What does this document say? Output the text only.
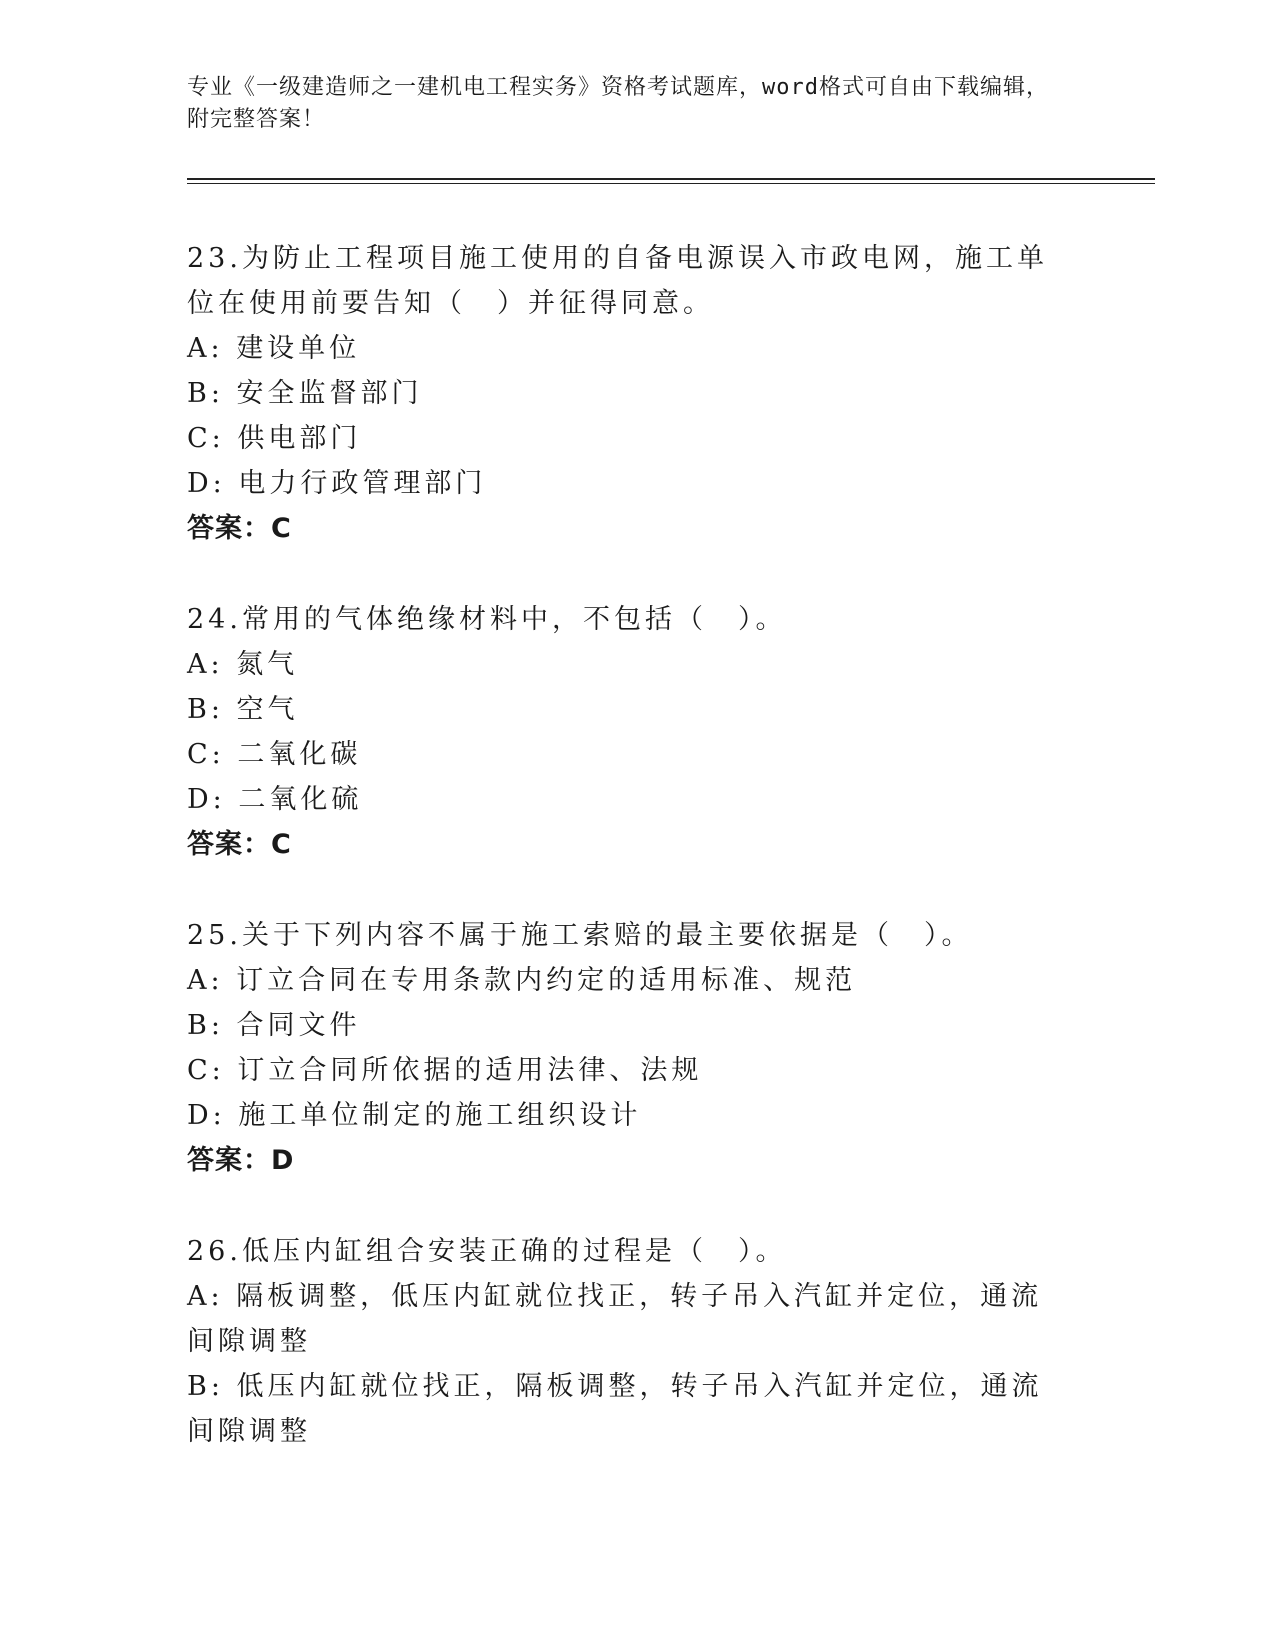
专业《一级建造师之一建机电工程实务》资格考试题库，word格式可自由下载编辑，附完整答案！
23.为防止工程项目施工使用的自备电源误入市政电网，施工单位在使用前要告知（　）并征得同意。
A: 建设单位
B: 安全监督部门
C: 供电部门
D: 电力行政管理部门
答案：C
24.常用的气体绝缘材料中，不包括（　）。
A: 氮气
B: 空气
C: 二氧化碳
D: 二氧化硫
答案：C
25.关于下列内容不属于施工索赔的最主要依据是（　）。
A: 订立合同在专用条款内约定的适用标准、规范
B: 合同文件
C: 订立合同所依据的适用法律、法规
D: 施工单位制定的施工组织设计
答案：D
26.低压内缸组合安装正确的过程是（　）。
A: 隔板调整，低压内缸就位找正，转子吊入汽缸并定位，通流间隙调整
B: 低压内缸就位找正，隔板调整，转子吊入汽缸并定位，通流间隙调整
